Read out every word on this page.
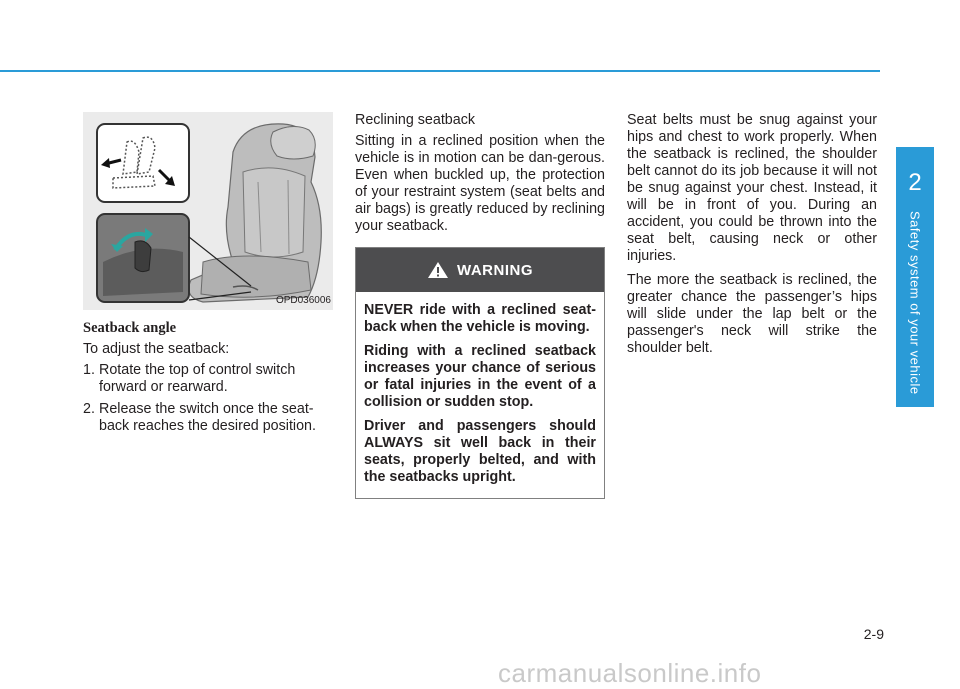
2
Safety system of your vehicle
OPD036006
Seatback angle

To adjust the seatback:

1. Rotate the top of control switch forward or rearward.
2. Release the switch once the seat-back reaches the desired position.
Reclining seatback

Sitting in a reclined position when the vehicle is in motion can be dan-gerous. Even when buckled up, the protection of your restraint system (seat belts and air bags) is greatly reduced by reclining your seatback.

WARNING

NEVER ride with a reclined seat-back when the vehicle is moving.

Riding with a reclined seatback increases your chance of serious or fatal injuries in the event of a collision or sudden stop.

Driver and passengers should ALWAYS sit well back in their seats, properly belted, and with the seatbacks upright.

Seat belts must be snug against your hips and chest to work properly. When the seatback is reclined, the shoulder belt cannot do its job because it will not be snug against your chest. Instead, it will be in front of you. During an accident, you could be thrown into the seat belt, causing neck or other injuries.

The more the seatback is reclined, the greater chance the passenger’s hips will slide under the lap belt or the passenger's neck will strike the shoulder belt.

2-9
carmanualsonline.info
